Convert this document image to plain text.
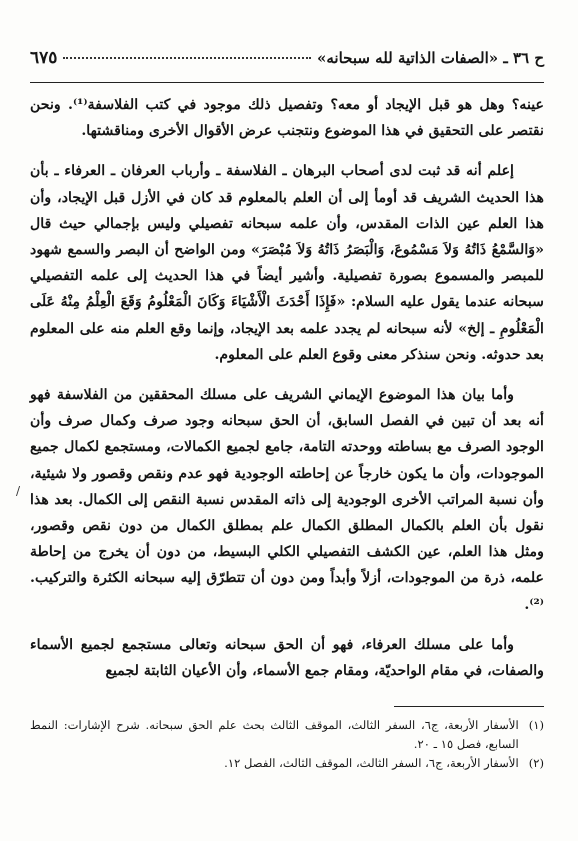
ح ٣٦ ـ «الصفات الذاتية لله سبحانه»
٦٧٥

عينه؟ وهل هو قبل الإيجاد أو معه؟ وتفصيل ذلك موجود في كتب الفلاسفة⁽¹⁾. ونحن نقتصر على التحقيق في هذا الموضوع ونتجنب عرض الأقوال الأخرى ومناقشتها.

إعلم أنه قد ثبت لدى أصحاب البرهان ـ الفلاسفة ـ وأرباب العرفان ـ العرفاء ـ بأن هذا الحديث الشريف قد أومأ إلى أن العلم بالمعلوم قد كان في الأزل قبل الإيجاد، وأن هذا العلم عين الذات المقدس، وأن علمه سبحانه تفصيلي وليس بإجمالي حيث قال «وَالسَّمْعُ ذَاتُهُ وَلاَ مَسْمُوعَ، وَالْبَصَرُ ذَاتُهُ وَلاَ مُبْصَرَ» ومن الواضح أن البصر والسمع شهود للمبصر والمسموع بصورة تفصيلية. وأشير أيضاً في هذا الحديث إلى علمه التفصيلي سبحانه عندما يقول عليه السلام: «فَإِذَا أَحْدَثَ الْأَشْيَاءَ وَكَانَ الْمَعْلُومُ وَقَعَ الْعِلْمُ مِنْهُ عَلَى الْمَعْلُومِ ـ إلخ» لأنه سبحانه لم يجدد علمه بعد الإيجاد، وإنما وقع العلم منه على المعلوم بعد حدوثه. ونحن سنذكر معنى وقوع العلم على المعلوم.

وأما بيان هذا الموضوع الإيماني الشريف على مسلك المحققين من الفلاسفة فهو أنه بعد أن تبين في الفصل السابق، أن الحق سبحانه وجود صرف وكمال صرف وأن الوجود الصرف مع بساطته ووحدته التامة، جامع لجميع الكمالات، ومستجمع لكمال جميع الموجودات، وأن ما يكون خارجاً عن إحاطته الوجودية فهو عدم ونقص وقصور ولا شيئية، وأن نسبة المراتب الأخرى الوجودية إلى ذاته المقدس نسبة النقص إلى الكمال. بعد هذا نقول بأن العلم بالكمال المطلق الكمال علم بمطلق الكمال من دون نقص وقصور، ومثل هذا العلم، عين الكشف التفصيلي الكلي البسيط، من دون أن يخرج من إحاطة علمه، ذرة من الموجودات، أزلاً وأبداً ومن دون أن تتطرّق إليه سبحانه الكثرة والتركيب. ⁽²⁾.

وأما على مسلك العرفاء، فهو أن الحق سبحانه وتعالى مستجمع لجميع الأسماء والصفات، في مقام الواحديّة، ومقام جمع الأسماء، وأن الأعيان الثابتة لجميع

/
(١)
الأسفار الأربعة، ج٦، السفر الثالث، الموقف الثالث بحث علم الحق سبحانه. شرح الإشارات: النمط السابع، فصل ١٥ ـ ٢٠.
(٢)
الأسفار الأربعة، ج٦، السفر الثالث، الموقف الثالث، الفصل ١٢.
